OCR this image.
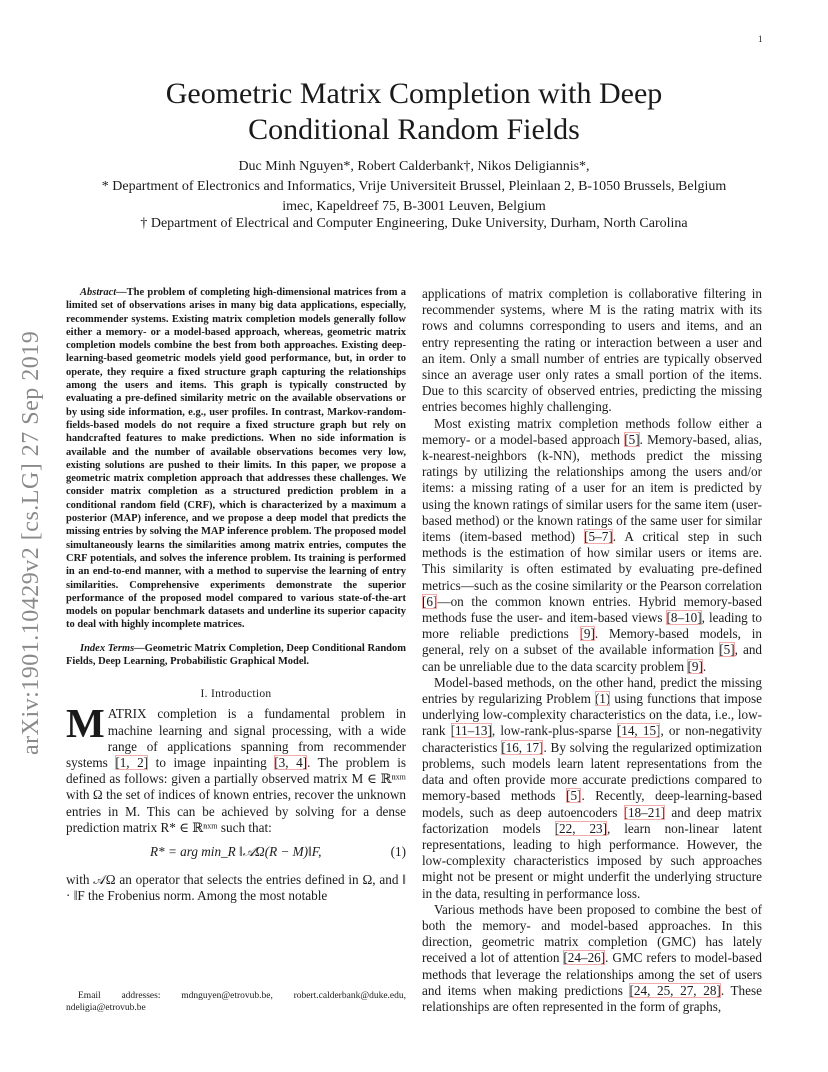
1
arXiv:1901.10429v2 [cs.LG] 27 Sep 2019
Geometric Matrix Completion with Deep Conditional Random Fields
Duc Minh Nguyen*, Robert Calderbank†, Nikos Deligiannis*,
* Department of Electronics and Informatics, Vrije Universiteit Brussel, Pleinlaan 2, B-1050 Brussels, Belgium
imec, Kapeldreef 75, B-3001 Leuven, Belgium
† Department of Electrical and Computer Engineering, Duke University, Durham, North Carolina

Abstract—The problem of completing high-dimensional matrices from a limited set of observations arises in many big data applications, especially, recommender systems. Existing matrix completion models generally follow either a memory- or a model-based approach, whereas, geometric matrix completion models combine the best from both approaches. Existing deep-learning-based geometric models yield good performance, but, in order to operate, they require a fixed structure graph capturing the relationships among the users and items. This graph is typically constructed by evaluating a pre-defined similarity metric on the available observations or by using side information, e.g., user profiles. In contrast, Markov-random-fields-based models do not require a fixed structure graph but rely on handcrafted features to make predictions. When no side information is available and the number of available observations becomes very low, existing solutions are pushed to their limits. In this paper, we propose a geometric matrix completion approach that addresses these challenges. We consider matrix completion as a structured prediction problem in a conditional random field (CRF), which is characterized by a maximum a posterior (MAP) inference, and we propose a deep model that predicts the missing entries by solving the MAP inference problem. The proposed model simultaneously learns the similarities among matrix entries, computes the CRF potentials, and solves the inference problem. Its training is performed in an end-to-end manner, with a method to supervise the learning of entry similarities. Comprehensive experiments demonstrate the superior performance of the proposed model compared to various state-of-the-art models on popular benchmark datasets and underline its superior capacity to deal with highly incomplete matrices.

Index Terms—Geometric Matrix Completion, Deep Conditional Random Fields, Deep Learning, Probabilistic Graphical Model.

I. Introduction

MATRIX completion is a fundamental problem in machine learning and signal processing, with a wide range of applications spanning from recommender systems [1, 2] to image inpainting [3, 4]. The problem is defined as follows: given a partially observed matrix M ∈ ℝⁿˣᵐ with Ω the set of indices of known entries, recover the unknown entries in M. This can be achieved by solving for a dense prediction matrix R* ∈ ℝⁿˣᵐ such that:

R* = arg min_R ‖𝒜Ω(R − M)‖F,	(1)

with 𝒜Ω an operator that selects the entries defined in Ω, and ‖ · ‖F the Frobenius norm. Among the most notable

Email addresses: mdnguyen@etrovub.be, robert.calderbank@duke.edu, ndeligia@etrovub.be

applications of matrix completion is collaborative filtering in recommender systems, where M is the rating matrix with its rows and columns corresponding to users and items, and an entry representing the rating or interaction between a user and an item. Only a small number of entries are typically observed since an average user only rates a small portion of the items. Due to this scarcity of observed entries, predicting the missing entries becomes highly challenging.

Most existing matrix completion methods follow either a memory- or a model-based approach [5]. Memory-based, alias, k-nearest-neighbors (k-NN), methods predict the missing ratings by utilizing the relationships among the users and/or items: a missing rating of a user for an item is predicted by using the known ratings of similar users for the same item (user-based method) or the known ratings of the same user for similar items (item-based method) [5–7]. A critical step in such methods is the estimation of how similar users or items are. This similarity is often estimated by evaluating pre-defined metrics—such as the cosine similarity or the Pearson correlation [6]—on the common known entries. Hybrid memory-based methods fuse the user- and item-based views [8–10], leading to more reliable predictions [9]. Memory-based models, in general, rely on a subset of the available information [5], and can be unreliable due to the data scarcity problem [9].

Model-based methods, on the other hand, predict the missing entries by regularizing Problem (1) using functions that impose underlying low-complexity characteristics on the data, i.e., low-rank [11–13], low-rank-plus-sparse [14, 15], or non-negativity characteristics [16, 17]. By solving the regularized optimization problems, such models learn latent representations from the data and often provide more accurate predictions compared to memory-based methods [5]. Recently, deep-learning-based models, such as deep autoencoders [18–21] and deep matrix factorization models [22, 23], learn non-linear latent representations, leading to high performance. However, the low-complexity characteristics imposed by such approaches might not be present or might underfit the underlying structure in the data, resulting in performance loss.

Various methods have been proposed to combine the best of both the memory- and model-based approaches. In this direction, geometric matrix completion (GMC) has lately received a lot of attention [24–26]. GMC refers to model-based methods that leverage the relationships among the set of users and items when making predictions [24, 25, 27, 28]. These relationships are often represented in the form of graphs,
